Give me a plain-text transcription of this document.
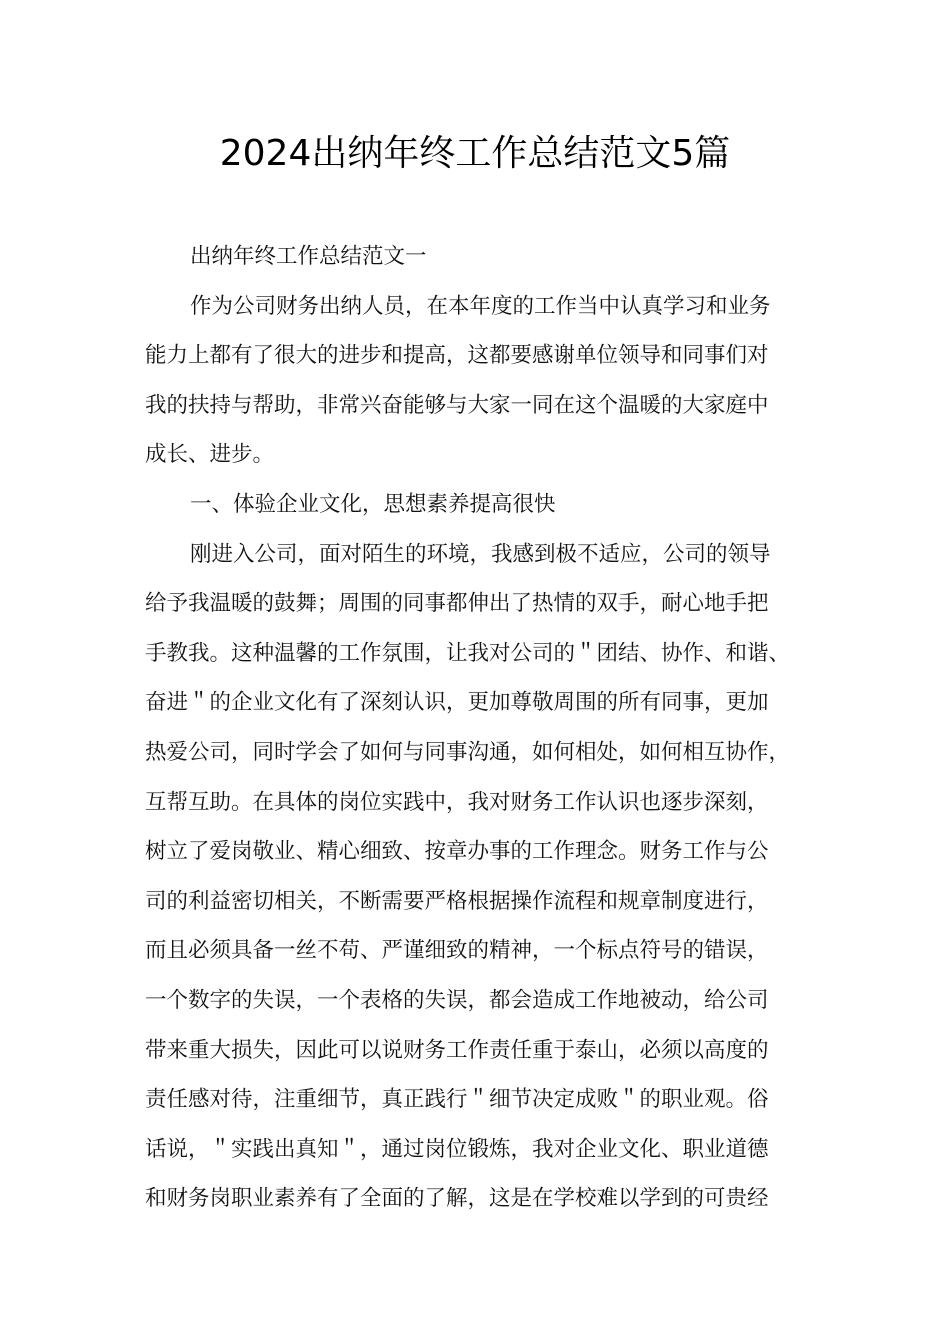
2024出纳年终工作总结范文5篇
出纳年终工作总结范文一
作为公司财务出纳人员，在本年度的工作当中认真学习和业务
能力上都有了很大的进步和提高，这都要感谢单位领导和同事们对
我的扶持与帮助，非常兴奋能够与大家一同在这个温暖的大家庭中
成长、进步。
一、体验企业文化，思想素养提高很快
刚进入公司，面对陌生的环境，我感到极不适应，公司的领导
给予我温暖的鼓舞；周围的同事都伸出了热情的双手，耐心地手把
手教我。这种温馨的工作氛围，让我对公司的＂团结、协作、和谐、
奋进＂的企业文化有了深刻认识，更加尊敬周围的所有同事，更加
热爱公司，同时学会了如何与同事沟通，如何相处，如何相互协作，
互帮互助。在具体的岗位实践中，我对财务工作认识也逐步深刻，
树立了爱岗敬业、精心细致、按章办事的工作理念。财务工作与公
司的利益密切相关，不断需要严格根据操作流程和规章制度进行，
而且必须具备一丝不苟、严谨细致的精神，一个标点符号的错误，
一个数字的失误，一个表格的失误，都会造成工作地被动，给公司
带来重大损失，因此可以说财务工作责任重于泰山，必须以高度的
责任感对待，注重细节，真正践行＂细节决定成败＂的职业观。俗
话说，＂实践出真知＂，通过岗位锻炼，我对企业文化、职业道德
和财务岗职业素养有了全面的了解，这是在学校难以学到的可贵经
